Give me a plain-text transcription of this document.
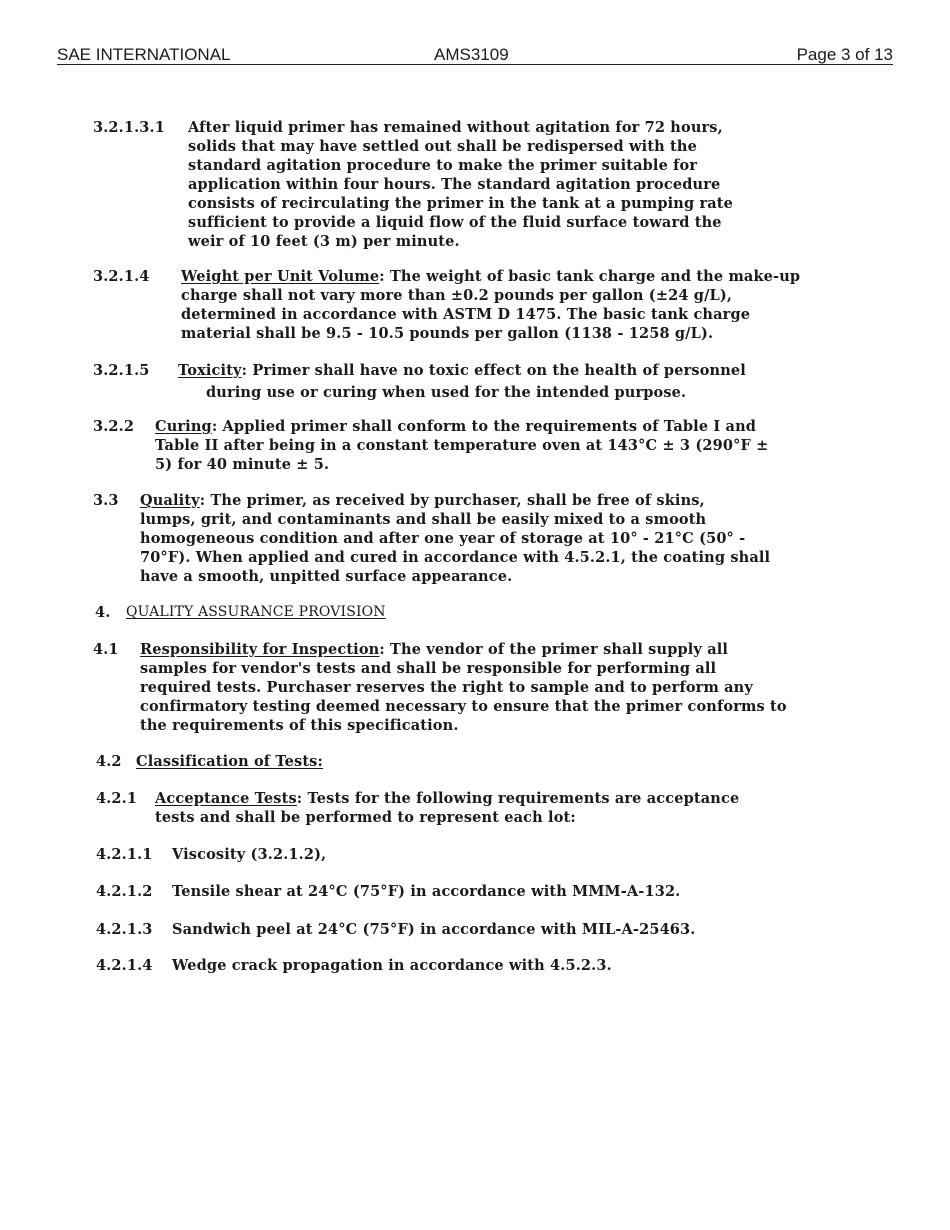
SAE INTERNATIONAL	AMS3109	Page 3 of 13
3.2.1.3.1 After liquid primer has remained without agitation for 72 hours,
solids that may have settled out shall be redispersed with the
standard agitation procedure to make the primer suitable for
application within four hours. The standard agitation procedure
consists of recirculating the primer in the tank at a pumping rate
sufficient to provide a liquid flow of the fluid surface toward the
weir of 10 feet (3 m) per minute.
3.2.1.4 Weight per Unit Volume: The weight of basic tank charge and the make-up
charge shall not vary more than ±0.2 pounds per gallon (±24 g/L),
determined in accordance with ASTM D 1475. The basic tank charge
material shall be 9.5 - 10.5 pounds per gallon (1138 - 1258 g/L).
3.2.1.5 Toxicity: Primer shall have no toxic effect on the health of personnel
during use or curing when used for the intended purpose.
3.2.2 Curing: Applied primer shall conform to the requirements of Table I and
Table II after being in a constant temperature oven at 143°C ± 3 (290°F ±
5) for 40 minute ± 5.
3.3 Quality: The primer, as received by purchaser, shall be free of skins,
lumps, grit, and contaminants and shall be easily mixed to a smooth
homogeneous condition and after one year of storage at 10° - 21°C (50° -
70°F). When applied and cured in accordance with 4.5.2.1, the coating shall
have a smooth, unpitted surface appearance.
4. QUALITY ASSURANCE PROVISION
4.1 Responsibility for Inspection: The vendor of the primer shall supply all
samples for vendor's tests and shall be responsible for performing all
required tests. Purchaser reserves the right to sample and to perform any
confirmatory testing deemed necessary to ensure that the primer conforms to
the requirements of this specification.
4.2 Classification of Tests:
4.2.1 Acceptance Tests: Tests for the following requirements are acceptance
tests and shall be performed to represent each lot:
4.2.1.1 Viscosity (3.2.1.2),
4.2.1.2 Tensile shear at 24°C (75°F) in accordance with MMM-A-132.
4.2.1.3 Sandwich peel at 24°C (75°F) in accordance with MIL-A-25463.
4.2.1.4 Wedge crack propagation in accordance with 4.5.2.3.
